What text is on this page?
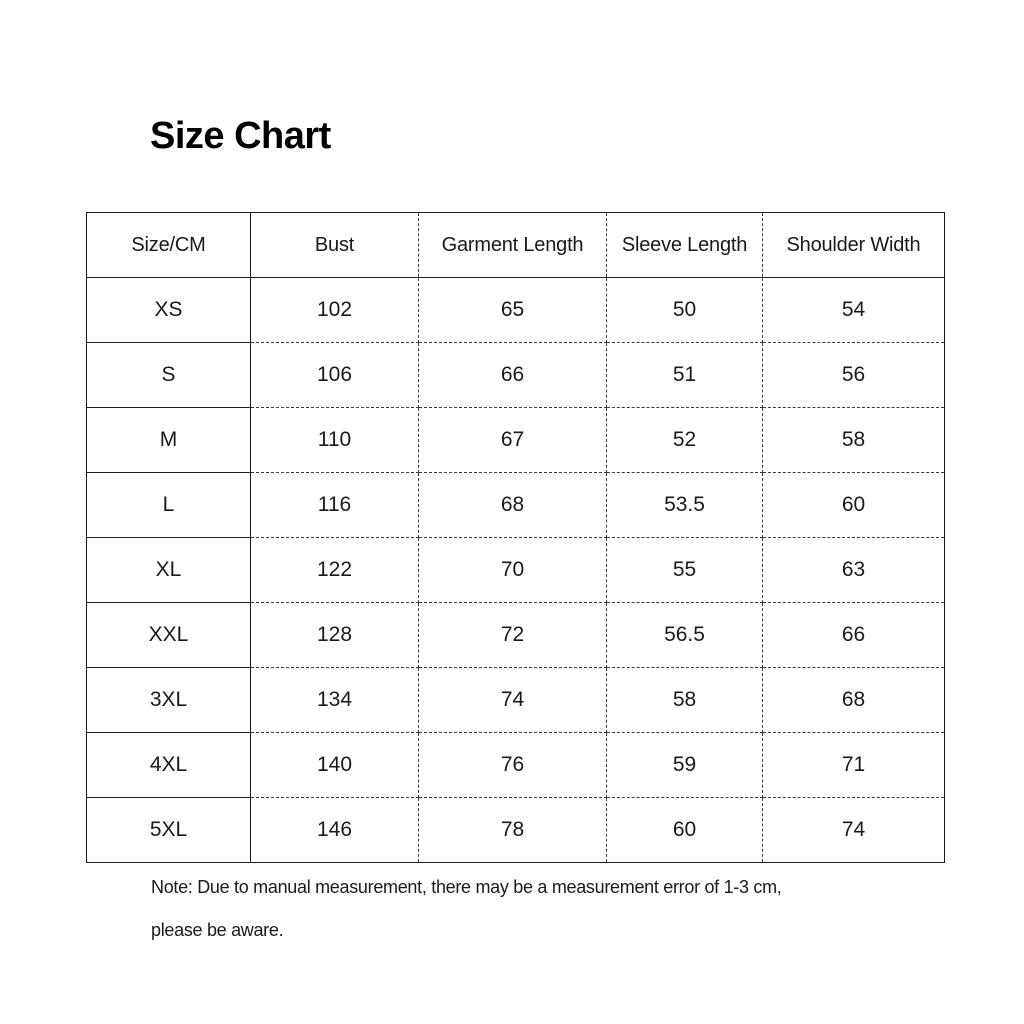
Size Chart
Size/CM	Bust	Garment Length	Sleeve Length	Shoulder Width
XS	102	65	50	54
S	106	66	51	56
M	110	67	52	58
L	116	68	53.5	60
XL	122	70	55	63
XXL	128	72	56.5	66
3XL	134	74	58	68
4XL	140	76	59	71
5XL	146	78	60	74

Note: Due to manual measurement, there may be a measurement error of 1-3 cm,

please be aware.
